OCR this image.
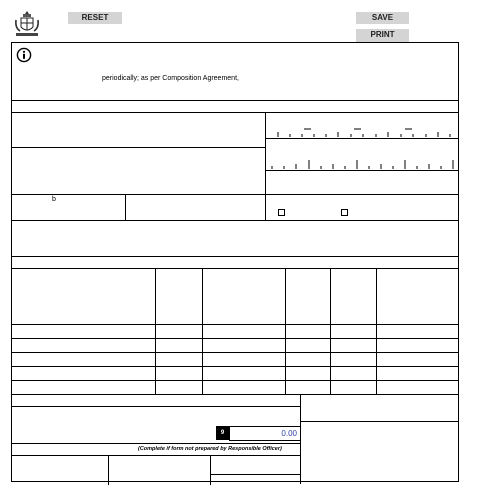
RESET	SAVE
PRINT
periodically; as per Composition Agreement,
b
9	0.00
(Complete if form not prepared by Responsible Officer)
